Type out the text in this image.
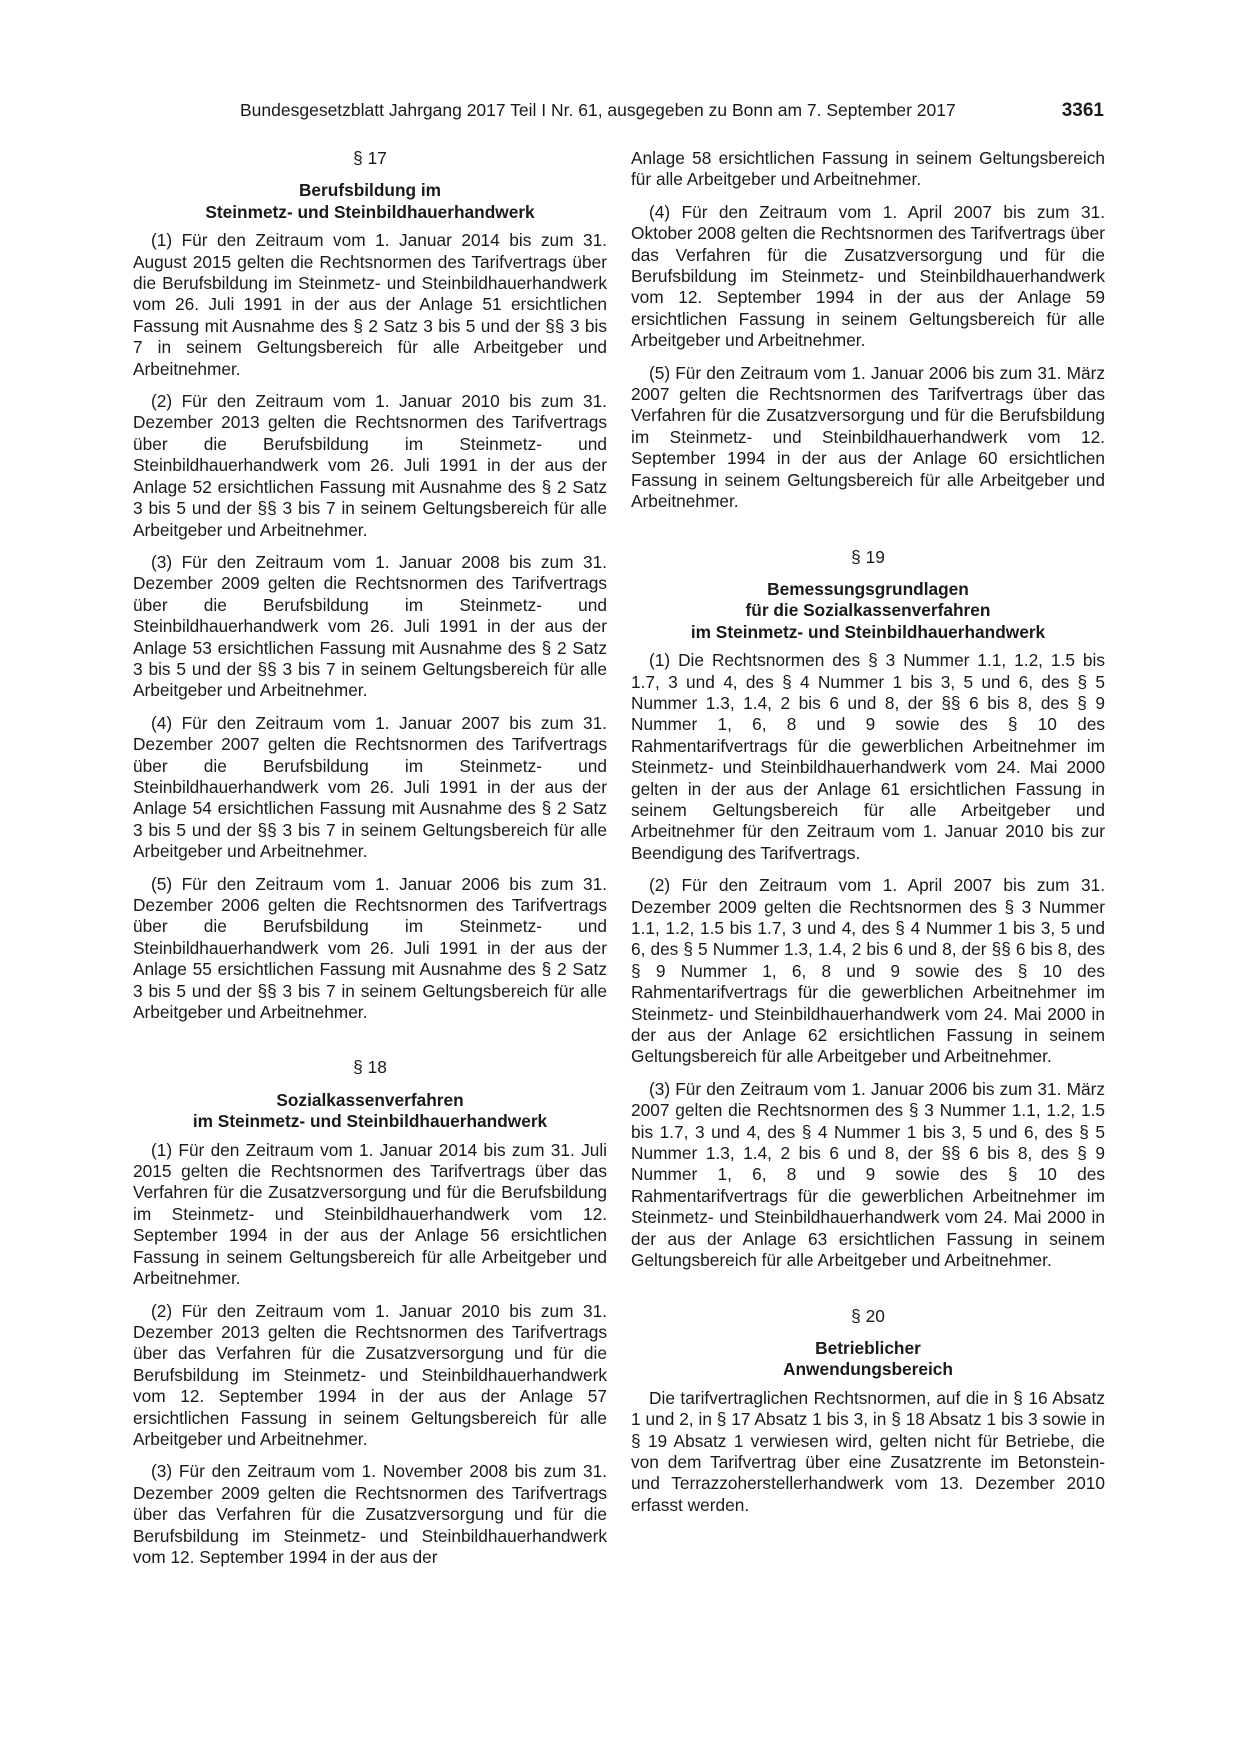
Bundesgesetzblatt Jahrgang 2017 Teil I Nr. 61, ausgegeben zu Bonn am 7. September 2017	3361

§ 17

Berufsbildung im

Steinmetz- und Steinbildhauerhandwerk

(1) Für den Zeitraum vom 1. Januar 2014 bis zum 31. August 2015 gelten die Rechtsnormen des Tarifvertrags über die Berufsbildung im Steinmetz- und Steinbildhauerhandwerk vom 26. Juli 1991 in der aus der Anlage 51 ersichtlichen Fassung mit Ausnahme des § 2 Satz 3 bis 5 und der §§ 3 bis 7 in seinem Geltungsbereich für alle Arbeitgeber und Arbeitnehmer.

(2) Für den Zeitraum vom 1. Januar 2010 bis zum 31. Dezember 2013 gelten die Rechtsnormen des Tarifvertrags über die Berufsbildung im Steinmetz- und Steinbildhauerhandwerk vom 26. Juli 1991 in der aus der Anlage 52 ersichtlichen Fassung mit Ausnahme des § 2 Satz 3 bis 5 und der §§ 3 bis 7 in seinem Geltungsbereich für alle Arbeitgeber und Arbeitnehmer.

(3) Für den Zeitraum vom 1. Januar 2008 bis zum 31. Dezember 2009 gelten die Rechtsnormen des Tarifvertrags über die Berufsbildung im Steinmetz- und Steinbildhauerhandwerk vom 26. Juli 1991 in der aus der Anlage 53 ersichtlichen Fassung mit Ausnahme des § 2 Satz 3 bis 5 und der §§ 3 bis 7 in seinem Geltungsbereich für alle Arbeitgeber und Arbeitnehmer.

(4) Für den Zeitraum vom 1. Januar 2007 bis zum 31. Dezember 2007 gelten die Rechtsnormen des Tarifvertrags über die Berufsbildung im Steinmetz- und Steinbildhauerhandwerk vom 26. Juli 1991 in der aus der Anlage 54 ersichtlichen Fassung mit Ausnahme des § 2 Satz 3 bis 5 und der §§ 3 bis 7 in seinem Geltungsbereich für alle Arbeitgeber und Arbeitnehmer.

(5) Für den Zeitraum vom 1. Januar 2006 bis zum 31. Dezember 2006 gelten die Rechtsnormen des Tarifvertrags über die Berufsbildung im Steinmetz- und Steinbildhauerhandwerk vom 26. Juli 1991 in der aus der Anlage 55 ersichtlichen Fassung mit Ausnahme des § 2 Satz 3 bis 5 und der §§ 3 bis 7 in seinem Geltungsbereich für alle Arbeitgeber und Arbeitnehmer.

§ 18

Sozialkassenverfahren

im Steinmetz- und Steinbildhauerhandwerk

(1) Für den Zeitraum vom 1. Januar 2014 bis zum 31. Juli 2015 gelten die Rechtsnormen des Tarifvertrags über das Verfahren für die Zusatzversorgung und für die Berufsbildung im Steinmetz- und Steinbildhauerhandwerk vom 12. September 1994 in der aus der Anlage 56 ersichtlichen Fassung in seinem Geltungsbereich für alle Arbeitgeber und Arbeitnehmer.

(2) Für den Zeitraum vom 1. Januar 2010 bis zum 31. Dezember 2013 gelten die Rechtsnormen des Tarifvertrags über das Verfahren für die Zusatzversorgung und für die Berufsbildung im Steinmetz- und Steinbildhauerhandwerk vom 12. September 1994 in der aus der Anlage 57 ersichtlichen Fassung in seinem Geltungsbereich für alle Arbeitgeber und Arbeitnehmer.

(3) Für den Zeitraum vom 1. November 2008 bis zum 31. Dezember 2009 gelten die Rechtsnormen des Tarifvertrags über das Verfahren für die Zusatzversorgung und für die Berufsbildung im Steinmetz- und Steinbildhauerhandwerk vom 12. September 1994 in der aus der

Anlage 58 ersichtlichen Fassung in seinem Geltungsbereich für alle Arbeitgeber und Arbeitnehmer.

(4) Für den Zeitraum vom 1. April 2007 bis zum 31. Oktober 2008 gelten die Rechtsnormen des Tarifvertrags über das Verfahren für die Zusatzversorgung und für die Berufsbildung im Steinmetz- und Steinbildhauerhandwerk vom 12. September 1994 in der aus der Anlage 59 ersichtlichen Fassung in seinem Geltungsbereich für alle Arbeitgeber und Arbeitnehmer.

(5) Für den Zeitraum vom 1. Januar 2006 bis zum 31. März 2007 gelten die Rechtsnormen des Tarifvertrags über das Verfahren für die Zusatzversorgung und für die Berufsbildung im Steinmetz- und Steinbildhauerhandwerk vom 12. September 1994 in der aus der Anlage 60 ersichtlichen Fassung in seinem Geltungsbereich für alle Arbeitgeber und Arbeitnehmer.

§ 19

Bemessungsgrundlagen

für die Sozialkassenverfahren

im Steinmetz- und Steinbildhauerhandwerk

(1) Die Rechtsnormen des § 3 Nummer 1.1, 1.2, 1.5 bis 1.7, 3 und 4, des § 4 Nummer 1 bis 3, 5 und 6, des § 5 Nummer 1.3, 1.4, 2 bis 6 und 8, der §§ 6 bis 8, des § 9 Nummer 1, 6, 8 und 9 sowie des § 10 des Rahmentarifvertrags für die gewerblichen Arbeitnehmer im Steinmetz- und Steinbildhauerhandwerk vom 24. Mai 2000 gelten in der aus der Anlage 61 ersichtlichen Fassung in seinem Geltungsbereich für alle Arbeitgeber und Arbeitnehmer für den Zeitraum vom 1. Januar 2010 bis zur Beendigung des Tarifvertrags.

(2) Für den Zeitraum vom 1. April 2007 bis zum 31. Dezember 2009 gelten die Rechtsnormen des § 3 Nummer 1.1, 1.2, 1.5 bis 1.7, 3 und 4, des § 4 Nummer 1 bis 3, 5 und 6, des § 5 Nummer 1.3, 1.4, 2 bis 6 und 8, der §§ 6 bis 8, des § 9 Nummer 1, 6, 8 und 9 sowie des § 10 des Rahmentarifvertrags für die gewerblichen Arbeitnehmer im Steinmetz- und Steinbildhauerhandwerk vom 24. Mai 2000 in der aus der Anlage 62 ersichtlichen Fassung in seinem Geltungsbereich für alle Arbeitgeber und Arbeitnehmer.

(3) Für den Zeitraum vom 1. Januar 2006 bis zum 31. März 2007 gelten die Rechtsnormen des § 3 Nummer 1.1, 1.2, 1.5 bis 1.7, 3 und 4, des § 4 Nummer 1 bis 3, 5 und 6, des § 5 Nummer 1.3, 1.4, 2 bis 6 und 8, der §§ 6 bis 8, des § 9 Nummer 1, 6, 8 und 9 sowie des § 10 des Rahmentarifvertrags für die gewerblichen Arbeitnehmer im Steinmetz- und Steinbildhauerhandwerk vom 24. Mai 2000 in der aus der Anlage 63 ersichtlichen Fassung in seinem Geltungsbereich für alle Arbeitgeber und Arbeitnehmer.

§ 20

Betrieblicher

Anwendungsbereich

Die tarifvertraglichen Rechtsnormen, auf die in § 16 Absatz 1 und 2, in § 17 Absatz 1 bis 3, in § 18 Absatz 1 bis 3 sowie in § 19 Absatz 1 verwiesen wird, gelten nicht für Betriebe, die von dem Tarifvertrag über eine Zusatzrente im Betonstein- und Terrazzoherstellerhandwerk vom 13. Dezember 2010 erfasst werden.
